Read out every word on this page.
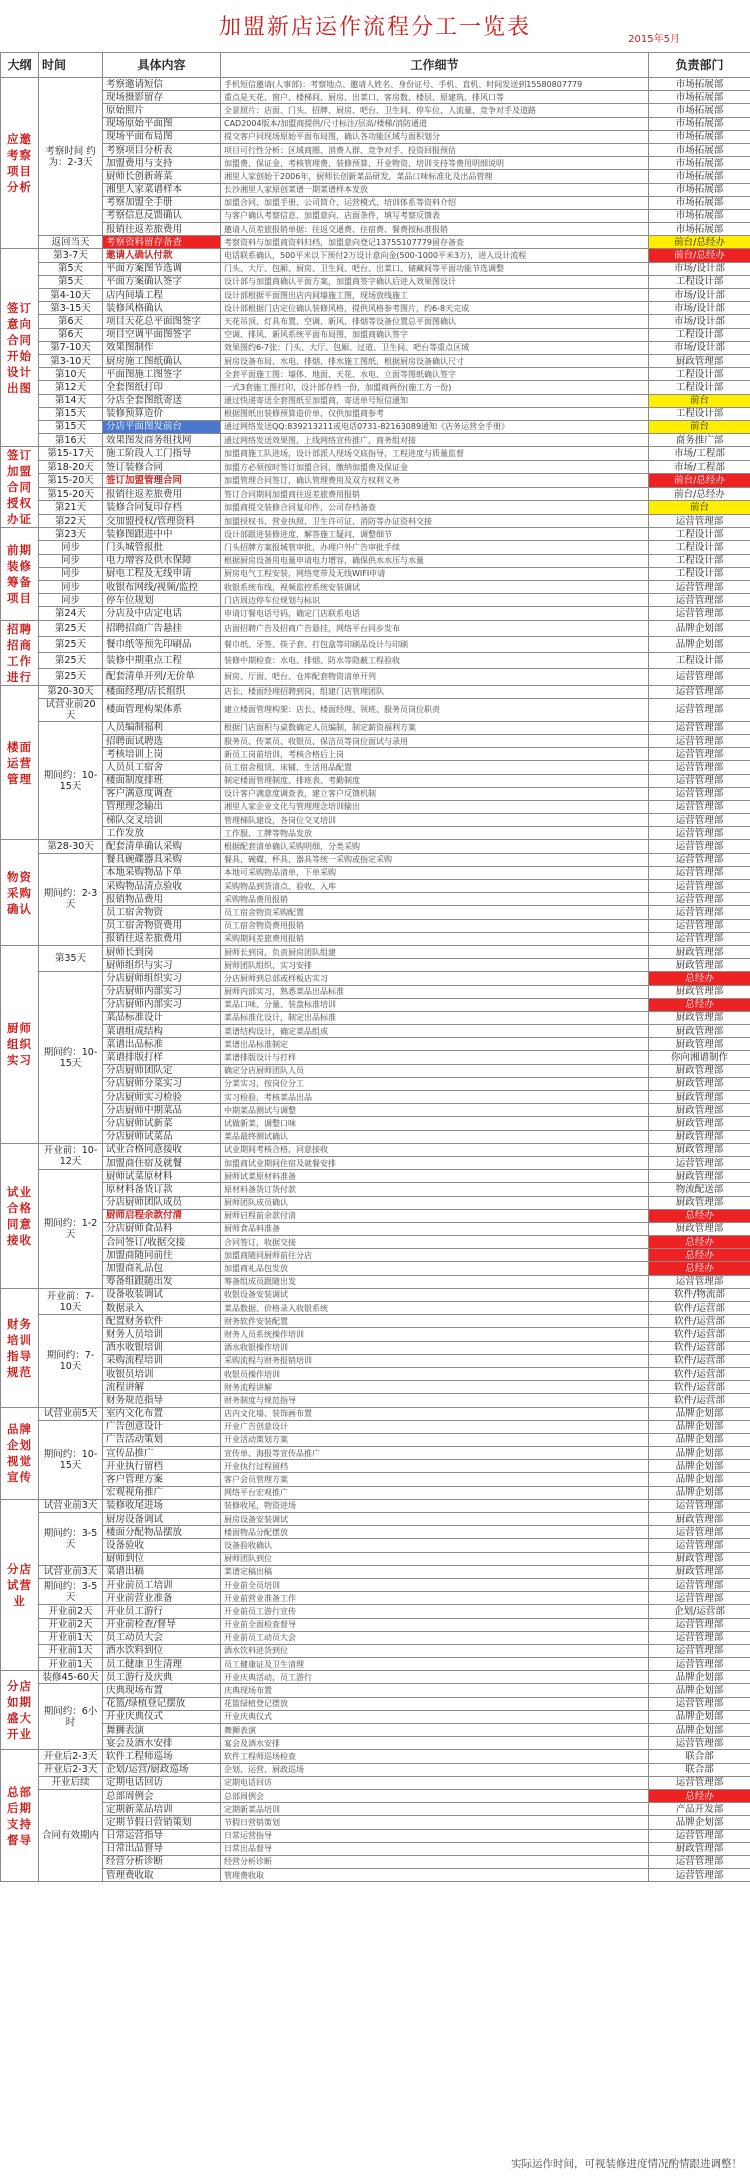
加盟新店运作流程分工一览表	2015年5月
大纲	时间	具体内容	工作细节	负责部门
应邀考察项目分析	考察时间 约为：2-3天	考察邀请短信	手机短信邀请(人事部)：考察地点、邀请人姓名、身份证号、手机、直机、时间发送到15580807779	市场拓展部
		现场摄影留存	重点是天花、窗户、楼梯间、厨房、出菜口、客房数、楼层、原建筑、排风口等	市场拓展部
		原始照片	全景照片：店面、门头、招牌、厨房、吧台、卫生间、停车位、人流量、竞争对手及道路	市场拓展部
		现场原始平面图	CAD2004版本/加盟商提供/尺寸标注/层高/楼梯/消防通道	市场拓展部
		现场平面布局图	提交客户同现场原始平面布局图，确认各功能区域与面积划分	市场拓展部
		考察项目分析表	项目可行性分析：区域商圈、消费人群、竞争对手、投资回报预估	市场拓展部
		加盟费用与支持	加盟费、保证金、考核管理费、装修预算、开业物资、培训支持等费用明细说明	市场拓展部
		厨师长创新蒋菜	湘里人家创始于2006年，厨师长创新菜品研发，菜品口味标准化及出品管理	市场拓展部
		湘里人家菜谱样本	长沙湘里人家原创菜谱一期菜谱样本发放	市场拓展部
		考察加盟全手册	加盟合同、加盟手册、公司简介、运营模式、培训体系等资料介绍	市场拓展部
		考察信息反馈确认	与客户确认考察信息、加盟意向、店面条件，填写考察反馈表	市场拓展部
		报销往返差旅费用	邀请人员差旅报销单据：往返交通费、住宿费、餐费按标准报销	市场拓展部
	返回当天	考察资料留存备查	考察资料与加盟商资料归档，加盟意向登记13755107779留存备查	前台/总经办
签订意向合同开始设计出图	第3-7天	邀请人确认付款	电话联系确认，500平米以下预付2万设计意向金(500-1000平米3万)，进入设计流程	前台/总经办
	第5天	平面方案图节选调	门头、大厅、包厢、厨房、卫生间、吧台、出菜口、储藏间等平面功能节选调整	市场/设计部
	第5天	平面方案确认签字	设计部与加盟商确认平面方案，加盟商签字确认后进入效果图设计	工程设计部
	第4-10天	店内间墙工程	设计部根据平面图出店内间墙施工图，现场放线施工	市场/设计部
	第3-15天	装修风格确认	设计部根据门店定位确认装修风格，提供风格参考图片，约6-8天完成	市场/设计部
	第6天	项目天花总平面图签字	天花吊顶、灯具布置、空调、新风、排烟等设备位置总平面图确认	市场/设计部
	第6天	项目空调平面图签字	空调、排风、新风系统平面布局图，加盟商确认签字	工程设计部
	第7-10天	效果图制作	效果图约6-7张：门头、大厅、包厢、过道、卫生间、吧台等重点区域	市场/设计部
	第3-10天	厨房施工图纸确认	厨房设备布局、水电、排烟、排水施工图纸，根据厨房设备确认尺寸	厨政管理部
	第10天	平面图施工图签字	全套平面施工图：墙体、地面、天花、水电、立面等图纸确认签字	工程设计部
	第12天	全套图纸打印	一式3套施工图打印，设计部存档一份，加盟商两份(施工方一份)	工程设计部
	第14天	分店全套图纸寄送	通过快递寄送全套图纸至加盟商，寄送单号短信通知	前台
	第15天	装修预算造价	根据图纸出装修预算造价单，仅供加盟商参考	工程设计部
	第15天	分店平面图发前台	通过网络发送QQ:839213211或电话0731-82163089通知《店务运营全手册》	前台
	第16天	效果图发商务组找网	通过网络发送效果图，上线网络宣传推广，商务组对接	商务推广部
签订加盟合同授权办证	第15-17天	施工阶段人工门指导	加盟商施工队进场，设计部派人现场交底指导，工程进度与质量监督	市场/工程部
	第18-20天	签订装修合同	加盟方必须按时签订加盟合同，缴纳加盟费及保证金	市场/工程部
	第15-20天	签订加盟管理合同	加盟管理合同签订，确认管理费用及双方权利义务	前台/总经办
	第15-20天	报销往返差旅费用	签订合同期间加盟商往返差旅费用报销	前台/总经办
	第21天	装修合同复印存档	加盟商提交装修合同复印件，公司存档备查	前台
	第22天	交加盟授权/管理资料	加盟授权书、营业执照、卫生许可证、消防等办证资料交接	运营管理部
前期装修筹备项目	第23天	装修图跟进中中	设计部跟进装修进度，解答施工疑问，调整细节	工程设计部
	同步	门头城管报批	门头招牌方案报城管审批，办理户外广告审批手续	工程设计部
	同步	电力增容及供水保障	根据厨房设备用电量申请电力增容，确保供水水压与水量	工程设计部
	同步	厨电工程及无线申请	厨房电气工程安装，网络宽带及无线WIFI申请	工程设计部
	同步	收银布网线/视频/监控	收银系统布线，视频监控系统安装调试	运营管理部
	同步	停车位规划	门店周边停车位规划与标识	运营管理部
	第24天	分店及中店定电话	申请订餐电话号码，确定门店联系电话	运营管理部
招聘招商工作进行	第25天	招聘招商广告悬挂	店面招聘广告及招商广告悬挂，网络平台同步发布	品牌企划部
	第25天	餐巾纸等预先印刷品	餐巾纸、牙签、筷子套、打包盒等印刷品设计与印刷	品牌企划部
	第25天	装修中期重点工程	装修中期检查：水电、排烟、防水等隐蔽工程验收	工程设计部
	第25天	配套清单开列/无价单	厨房、厅面、吧台、仓库配套物资清单开列	运营管理部
楼面运营管理	第20-30天	楼面经理/店长组织	店长、楼面经理招聘到岗，组建门店管理团队	运营管理部
	试营业前20天	楼面管理构架体系	建立楼面管理构架：店长、楼面经理、领班、服务员岗位职责	运营管理部
	期间约：10-15天	人员编制福利	根据门店面积与桌数确定人员编制，制定薪资福利方案	运营管理部
		招聘面试聘选	服务员、传菜员、收银员、保洁员等岗位面试与录用	运营管理部
		考核培训上岗	新员工岗前培训，考核合格后上岗	运营管理部
		人员员工宿舍	员工宿舍租赁、床铺、生活用品配置	运营管理部
		楼面制度排班	制定楼面管理制度、排班表、考勤制度	运营管理部
		客户满意度调查	设计客户满意度调查表，建立客户反馈机制	运营管理部
		管理理念输出	湘里人家企业文化与管理理念培训输出	运营管理部
		梯队交叉培训	管理梯队建设，各岗位交叉培训	运营管理部
		工作发放	工作服、工牌等物品发放	运营管理部
物资采购确认	第28-30天	配套清单确认采购	根据配套清单确认采购明细，分类采购	运营管理部
	期间约：2-3天	餐具碗碟器具采购	餐具、碗碟、杯具、器具等统一采购或指定采购	运营管理部
		本地采购物品下单	本地可采购物品清单，下单采购	运营管理部
		采购物品清点验收	采购物品到货清点、验收、入库	运营管理部
		报销物品费用	采购物品费用报销	运营管理部
		员工宿舍物资	员工宿舍物资采购配置	运营管理部
		员工宿舍物资费用	员工宿舍物资费用报销	运营管理部
		报销往返差旅费用	采购期间差旅费用报销	运营管理部
厨师组织实习	第35天	厨师长到岗	厨师长到岗，负责厨房团队组建	厨政管理部
		厨师组织与实习	厨师团队组织、实习安排	厨政管理部
	期间约：10-15天	分店厨师组织实习	分店厨师到总部或样板店实习	总经办
		分店厨师内部实习	厨师内部实习，熟悉菜品出品标准	厨政管理部
		分店厨师内部实习	菜品口味、分量、装盘标准培训	总经办
		菜品标准设计	菜品标准化设计，制定出品标准	厨政管理部
		菜谱组成结构	菜谱结构设计，确定菜品组成	厨政管理部
		菜谱出品标准	菜谱出品标准制定	厨政管理部
		菜谱排版打样	菜谱排版设计与打样	你向湘谱制作
		分店厨师团队定	确定分店厨师团队人员	厨政管理部
		分店厨师分菜实习	分菜实习，按岗位分工	厨政管理部
		分店厨师实习检验	实习检验，考核菜品出品	厨政管理部
		分店厨师中期菜品	中期菜品测试与调整	厨政管理部
		分店厨师试新菜	试做新菜，调整口味	厨政管理部
		分店厨师试菜品	菜品最终测试确认	厨政管理部
试业合格同意接收	开业前：10-12天	试业合格同意接收	试业期间考核合格，同意接收	厨政管理部
		加盟商住宿及就餐	加盟商试业期间住宿及就餐安排	运营管理部
	期间约：1-2天	厨师试菜原材料	厨师试菜原材料准备	厨政管理部
		原材料备货订款	原材料备货订货付款	物流配送部
		分店厨师团队成员	厨师团队成员确认	厨政管理部
		厨师启程余款付清	厨师启程前余款付清	总经办
		分店厨师食品料	厨师食品料准备	厨政管理部
		合同签订/收据交接	合同签订，收据交接	总经办
		加盟商随同前往	加盟商随同厨师前往分店	总经办
		加盟商礼品包	加盟商礼品包发放	总经办
		筹备组跟随出发	筹备组成员跟随出发	运营管理部
财务培训指导规范	开业前：7-10天	设备收装调试	收银设备安装调试	软件/物流部
		数据录入	菜品数据、价格录入收银系统	软件/运营部
	期间约：7-10天	配置财务软件	财务软件安装配置	软件/运营部
		财务人员培训	财务人员系统操作培训	软件/运营部
		酒水收银培训	酒水收银操作培训	软件/运营部
		采购流程培训	采购流程与财务报销培训	软件/运营部
		收银员培训	收银员操作培训	软件/运营部
		流程讲解	财务流程讲解	软件/运营部
		财务规范指导	财务制度与规范指导	软件/运营部
品牌企划视觉宣传	试营业前5天	室内文化布置	店内文化墙、装饰画布置	品牌企划部
	期间约：10-15天	广告创意设计	开业广告创意设计	品牌企划部
		广告活动策划	开业活动策划方案	品牌企划部
		宣传品推广	宣传单、海报等宣传品推广	品牌企划部
		开业执行留档	开业执行过程留档	品牌企划部
		客户管理方案	客户会员管理方案	品牌企划部
		宏观视角推广	网络平台宏观推广	品牌企划部
分店试营业	试营业前3天	装修收尾进场	装修收尾，物资进场	运营管理部
	期间约：3-5天	厨房设备调试	厨房设备安装调试	厨政管理部
		楼面分配物品摆放	楼面物品分配摆放	运营管理部
		设备验收	设备验收确认	运营管理部
		厨师到位	厨师团队到位	厨政管理部
	试营业前3天	菜谱出稿	菜谱定稿出稿	厨政管理部
	期间约：3-5天	开业前员工培训	开业前全员培训	运营管理部
		开业前营业准备	开业前营业准备工作	运营管理部
	开业前2天	开业员工游行	开业前员工游行宣传	企划/运营部
	开业前2天	开业前检查/督导	开业前全面检查督导	运营管理部
	开业前1天	员工动员大会	开业前员工动员大会	运营管理部
	开业前1天	酒水饮料到位	酒水饮料进货到位	运营管理部
	开业前1天	员工健康卫生清理	员工健康证及卫生清理	运营管理部
分店如期盛大开业	装修45-60天	员工游行及庆典	开业庆典活动，员工游行	品牌企划部
	期间约：6小时	庆典现场布置	庆典现场布置	品牌企划部
		花篮/绿植登记摆放	花篮绿植登记摆放	运营管理部
		开业庆典仪式	开业庆典仪式	品牌企划部
		舞狮表演	舞狮表演	品牌企划部
		宴会及酒水安排	宴会及酒水安排	运营管理部
总部后期支持督导	开业后2-3天	软件工程师巡场	软件工程师巡场检查	联合部
	开业后2-3天	企划/运营/厨政巡场	企划、运营、厨政巡场	联合部
	开业后续	定期电话回访	定期电话回访	运营管理部
	合同有效期内	总部周例会	总部周例会	总经办
		定期新菜品培训	定期新菜品培训	产品开发部
		定期节假日营销策划	节假日营销策划	品牌企划部
		日常运营指导	日常运营指导	运营管理部
		日常出品督导	日常出品督导	厨政管理部
		经营分析诊断	经营分析诊断	运营管理部
		管理费收取	管理费收取	运营管理部
实际运作时间，可视装修进度情况酌情跟进调整！
